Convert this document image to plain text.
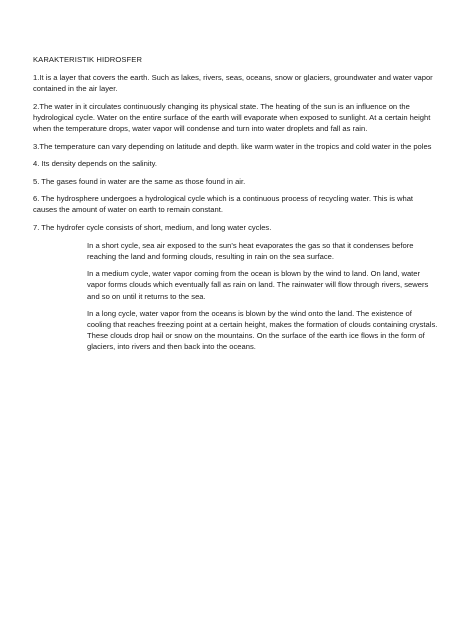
KARAKTERISTIK HIDROSFER

1.It is a layer that covers the earth. Such as lakes, rivers, seas, oceans, snow or glaciers, groundwater and water vapor contained in the air layer.

2.The water in it circulates continuously changing its physical state. The heating of the sun is an influence on the hydrological cycle. Water on the entire surface of the earth will evaporate when exposed to sunlight. At a certain height when the temperature drops, water vapor will condense and turn into water droplets and fall as rain.

3.The temperature can vary depending on latitude and depth. like warm water in the tropics and cold water in the poles

4. Its density depends on the salinity.

5. The gases found in water are the same as those found in air.

6. The hydrosphere undergoes a hydrological cycle which is a continuous process of recycling water. This is what causes the amount of water on earth to remain constant.

7. The hydrofer cycle consists of short, medium, and long water cycles.

In a short cycle, sea air exposed to the sun's heat evaporates the gas so that it condenses before reaching the land and forming clouds, resulting in rain on the sea surface.

In a medium cycle, water vapor coming from the ocean is blown by the wind to land. On land, water vapor forms clouds which eventually fall as rain on land. The rainwater will flow through rivers, sewers and so on until it returns to the sea.

In a long cycle, water vapor from the oceans is blown by the wind onto the land. The existence of cooling that reaches freezing point at a certain height, makes the formation of clouds containing crystals. These clouds drop hail or snow on the mountains. On the surface of the earth ice flows in the form of glaciers, into rivers and then back into the oceans.
